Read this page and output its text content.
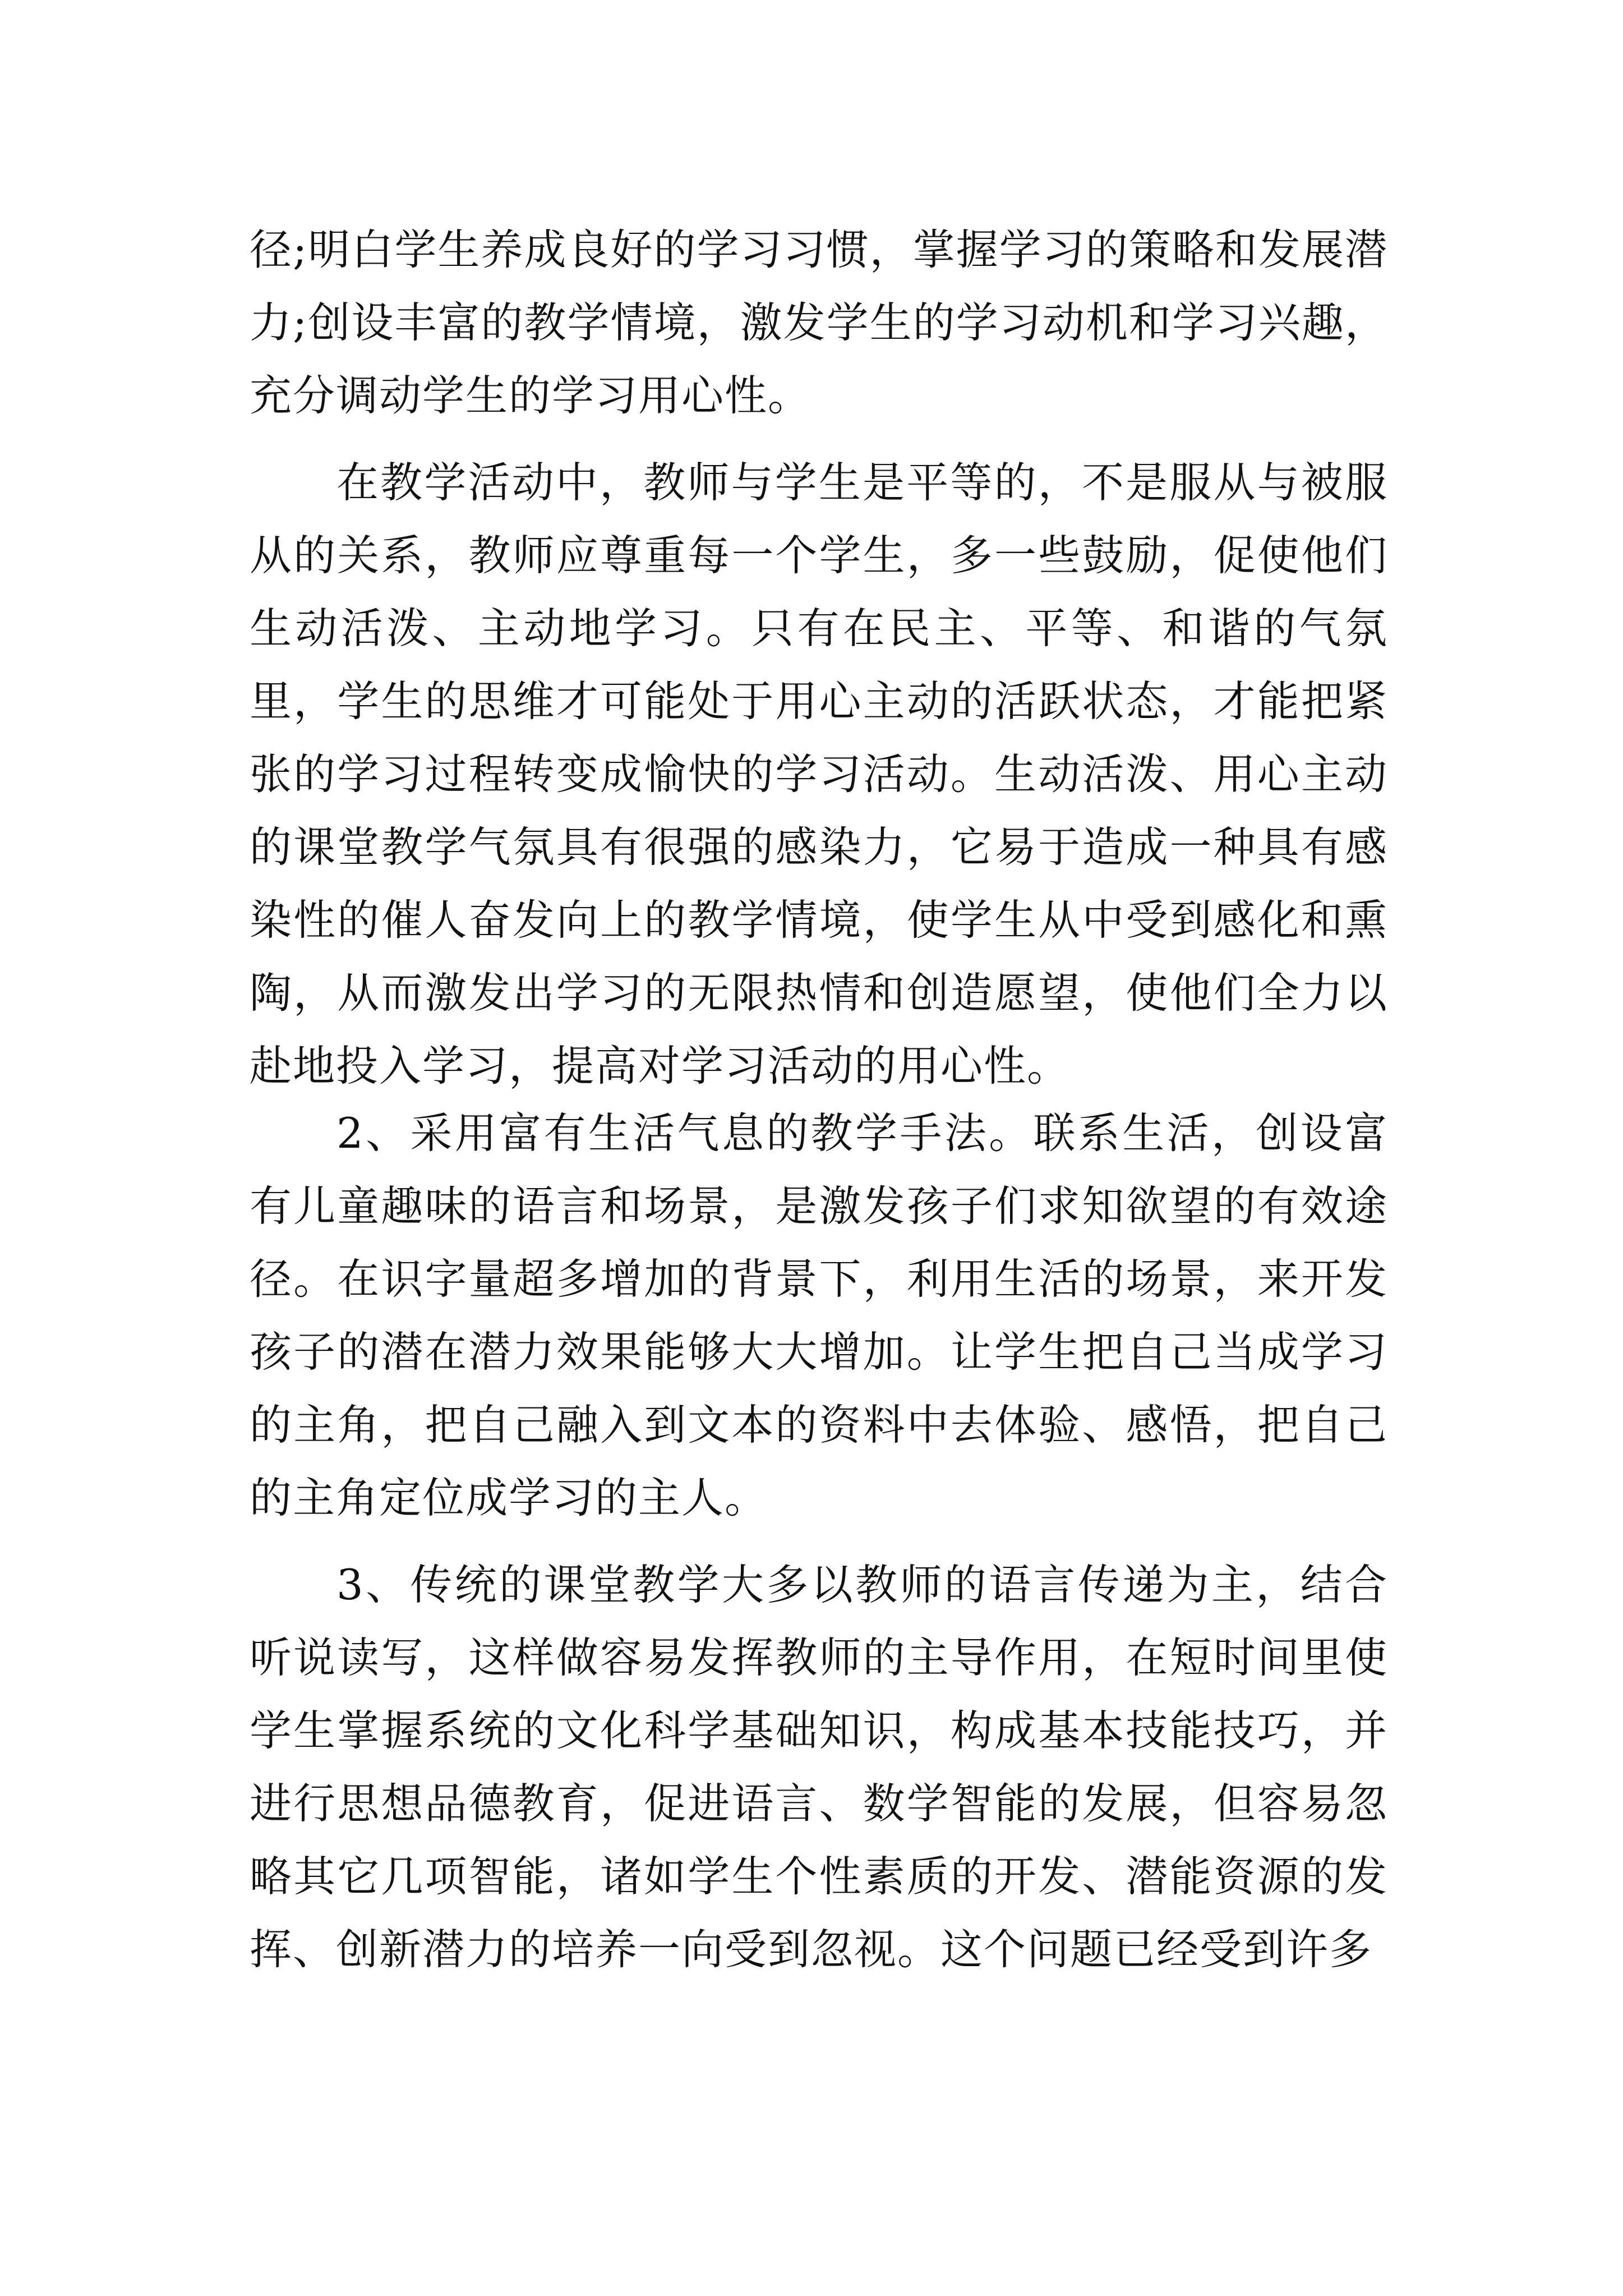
径;明白学生养成良好的学习习惯，掌握学习的策略和发展潜力;创设丰富的教学情境，激发学生的学习动机和学习兴趣，充分调动学生的学习用心性。

在教学活动中，教师与学生是平等的，不是服从与被服从的关系，教师应尊重每一个学生，多一些鼓励，促使他们生动活泼、主动地学习。只有在民主、平等、和谐的气氛里，学生的思维才可能处于用心主动的活跃状态，才能把紧张的学习过程转变成愉快的学习活动。生动活泼、用心主动的课堂教学气氛具有很强的感染力，它易于造成一种具有感染性的催人奋发向上的教学情境，使学生从中受到感化和熏陶，从而激发出学习的无限热情和创造愿望，使他们全力以赴地投入学习，提高对学习活动的用心性。

2、采用富有生活气息的教学手法。联系生活，创设富有儿童趣味的语言和场景，是激发孩子们求知欲望的有效途径。在识字量超多增加的背景下，利用生活的场景，来开发孩子的潜在潜力效果能够大大增加。让学生把自己当成学习的主角，把自己融入到文本的资料中去体验、感悟，把自己的主角定位成学习的主人。

3、传统的课堂教学大多以教师的语言传递为主，结合听说读写，这样做容易发挥教师的主导作用，在短时间里使学生掌握系统的文化科学基础知识，构成基本技能技巧，并进行思想品德教育，促进语言、数学智能的发展，但容易忽略其它几项智能，诸如学生个性素质的开发、潜能资源的发挥、创新潜力的培养一向受到忽视。这个问题已经受到许多
